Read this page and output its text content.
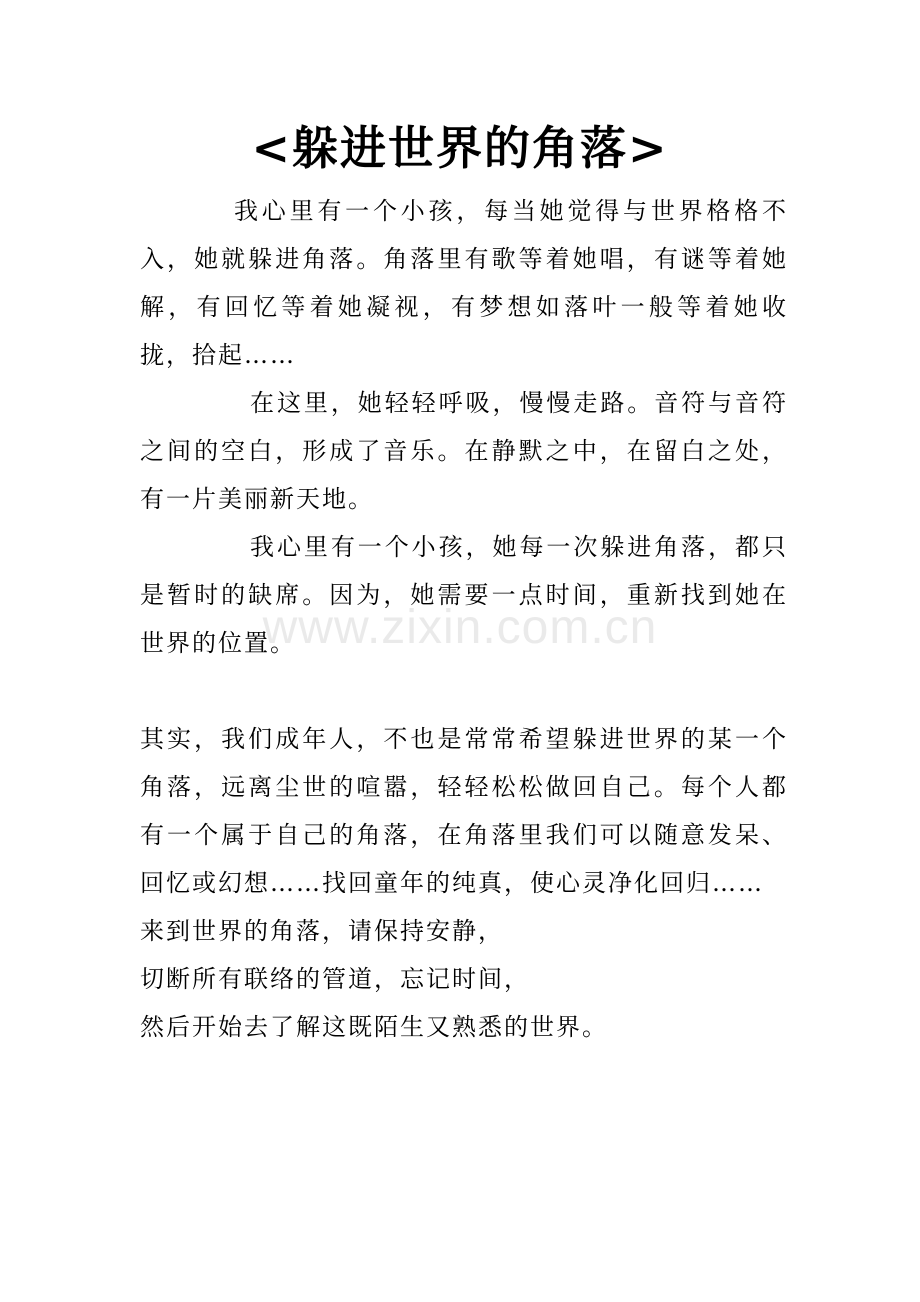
<躲进世界的角落>

我心里有一个小孩，每当她觉得与世界格格不入，她就躲进角落。角落里有歌等着她唱，有谜等着她解，有回忆等着她凝视，有梦想如落叶一般等着她收拢，拾起……

在这里，她轻轻呼吸，慢慢走路。音符与音符之间的空白，形成了音乐。在静默之中，在留白之处，有一片美丽新天地。

我心里有一个小孩，她每一次躲进角落，都只是暂时的缺席。因为，她需要一点时间，重新找到她在世界的位置。

其实，我们成年人，不也是常常希望躲进世界的某一个角落，远离尘世的喧嚣，轻轻松松做回自己。每个人都有一个属于自己的角落，在角落里我们可以随意发呆、回忆或幻想……找回童年的纯真，使心灵净化回归……

来到世界的角落，请保持安静，

切断所有联络的管道，忘记时间，

然后开始去了解这既陌生又熟悉的世界。

www.zixin.com.cn
